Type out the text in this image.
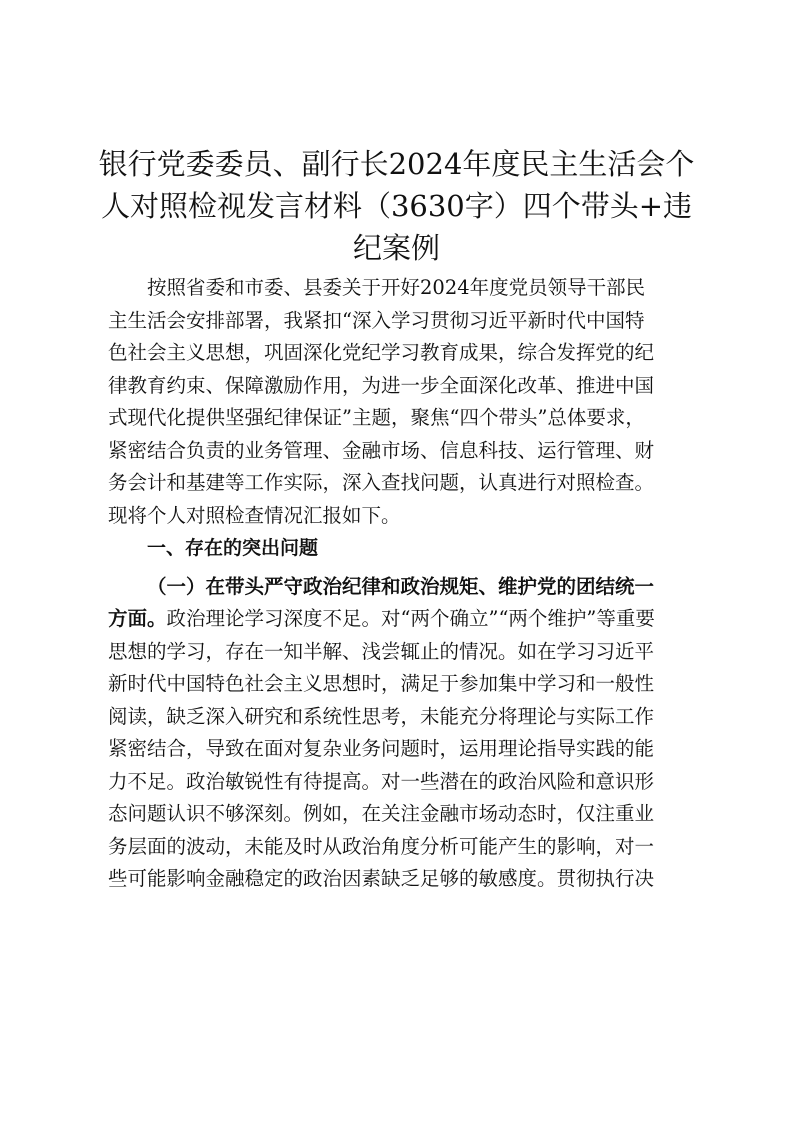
银行党委委员、副行长2024年度民主生活会个
人对照检视发言材料（3630字）四个带头+违
纪案例
按照省委和市委、县委关于开好2024年度党员领导干部民
主生活会安排部署，我紧扣“深入学习贯彻习近平新时代中国特
色社会主义思想，巩固深化党纪学习教育成果，综合发挥党的纪
律教育约束、保障激励作用，为进一步全面深化改革、推进中国
式现代化提供坚强纪律保证”主题，聚焦“四个带头”总体要求，
紧密结合负责的业务管理、金融市场、信息科技、运行管理、财
务会计和基建等工作实际，深入查找问题，认真进行对照检查。
现将个人对照检查情况汇报如下。
一、存在的突出问题
（一）在带头严守政治纪律和政治规矩、维护党的团结统一
方面。政治理论学习深度不足。对“两个确立”“两个维护”等重要
思想的学习，存在一知半解、浅尝辄止的情况。如在学习习近平
新时代中国特色社会主义思想时，满足于参加集中学习和一般性
阅读，缺乏深入研究和系统性思考，未能充分将理论与实际工作
紧密结合，导致在面对复杂业务问题时，运用理论指导实践的能
力不足。政治敏锐性有待提高。对一些潜在的政治风险和意识形
态问题认识不够深刻。例如，在关注金融市场动态时，仅注重业
务层面的波动，未能及时从政治角度分析可能产生的影响，对一
些可能影响金融稳定的政治因素缺乏足够的敏感度。贯彻执行决
